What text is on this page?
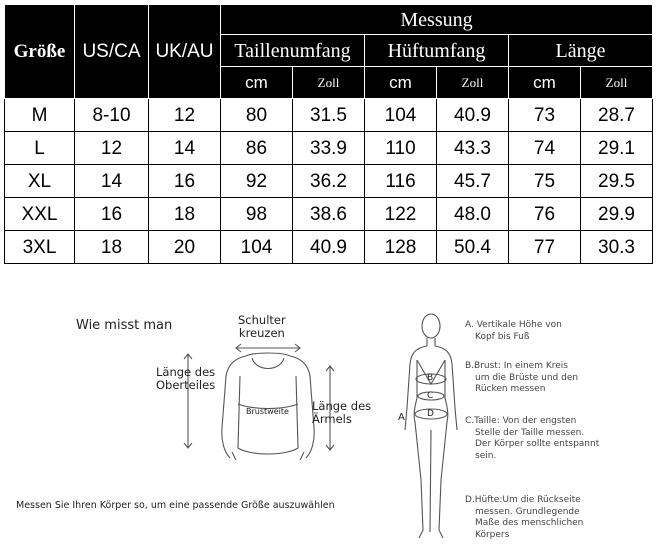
Größe	US/CA	UK/AU	Messung					
			Taillenumfang		Hüftumfang		Länge	
			cm	Zoll	cm	Zoll	cm	Zoll
M	8-10	12	80	31.5	104	40.9	73	28.7
L	12	14	86	33.9	110	43.3	74	29.1
XL	14	16	92	36.2	116	45.7	75	29.5
XXL	16	18	98	38.6	122	48.0	76	29.9
3XL	18	20	104	40.9	128	50.4	77	30.3
Wie misst man	Schulter
kreuzen
Länge des
Oberteiles
Länge des
Ärmels
Brustweite
Messen Sie Ihren Körper so, um eine passende Größe auszuwählen
A
B
C
D
A. Vertikale Höhe von
Kopf bis Fuß
B.Brust: In einem Kreis
um die Brüste und den
Rücken messen
C.Taille: Von der engsten
Stelle der Taille messen.
Der Körper sollte entspannt
sein.
D.Hüfte:Um die Rückseite
messen. Grundlegende
Maße des menschlichen
Körpers
